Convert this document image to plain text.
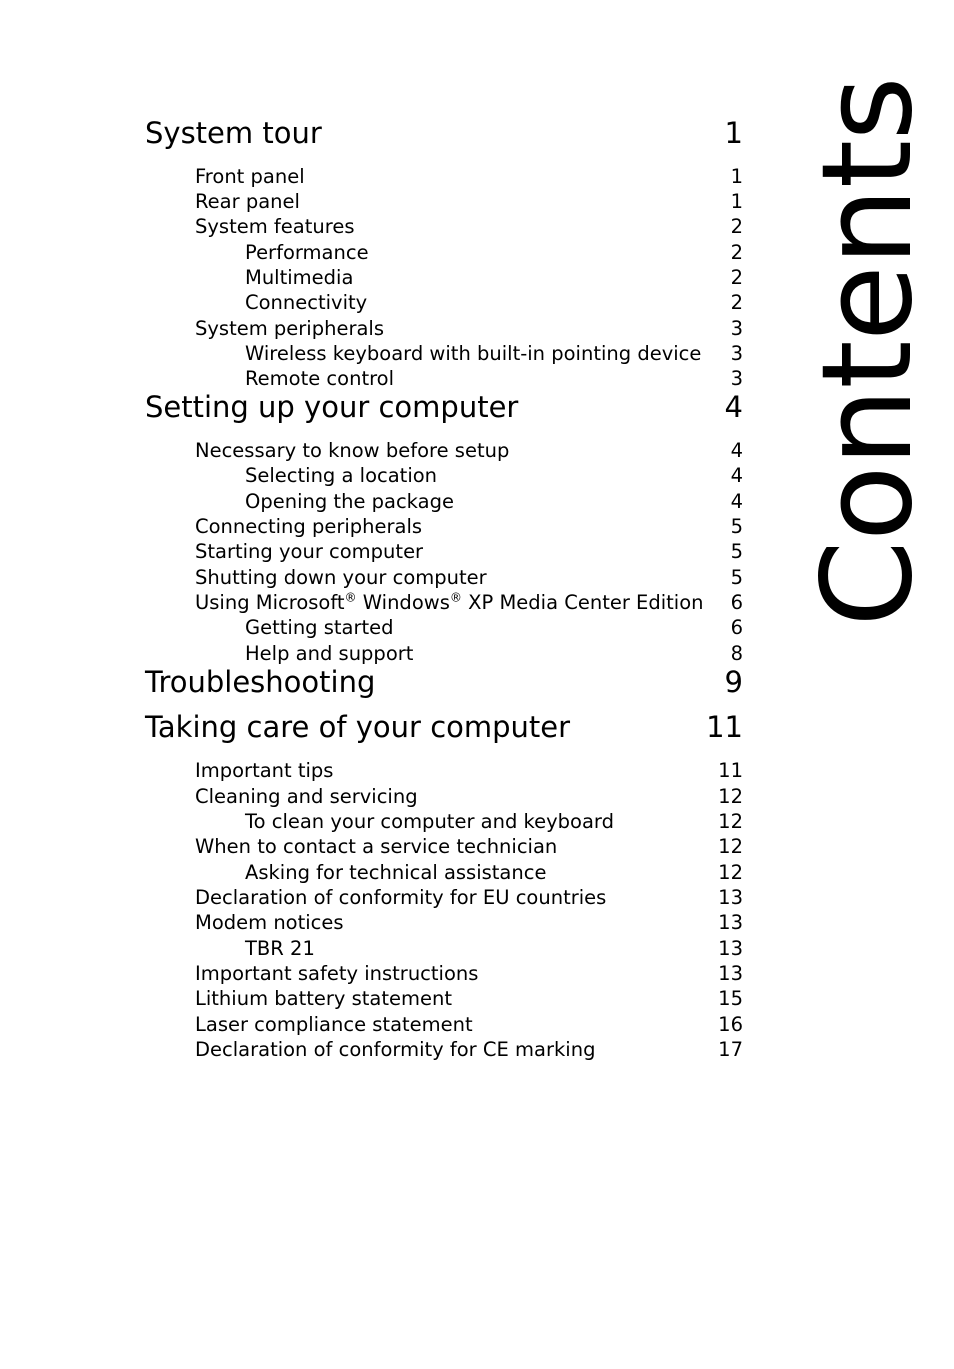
Contents
System tour	1
Front panel	1
Rear panel	1
System features	2
Performance	2
Multimedia	2
Connectivity	2
System peripherals	3
Wireless keyboard with built-in pointing device 3
Remote control	3
Setting up your computer	4
Necessary to know before setup	4
Selecting a location	4
Opening the package	4
Connecting peripherals	5
Starting your computer	5
Shutting down your computer	5
Using Microsoft® Windows® XP Media Center Edition 6
Getting started	6
Help and support	8
Troubleshooting	9
Taking care of your computer	11
Important tips	11
Cleaning and servicing	12
To clean your computer and keyboard	12
When to contact a service technician	12
Asking for technical assistance	12
Declaration of conformity for EU countries	13
Modem notices	13
TBR 21	13
Important safety instructions	13
Lithium battery statement	15
Laser compliance statement	16
Declaration of conformity for CE marking	17
